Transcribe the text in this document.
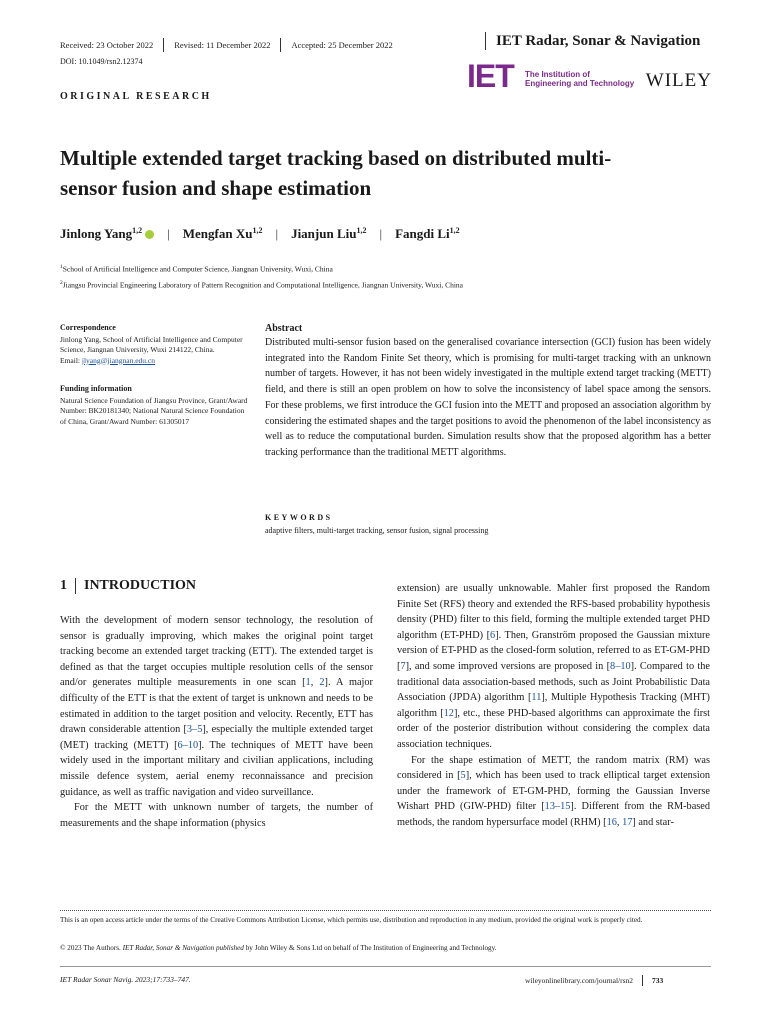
Received: 23 October 2022	Revised: 11 December 2022	Accepted: 25 December 2022	IET Radar, Sonar & Navigation
DOI: 10.1049/rsn2.12374	IET The Institution of
Engineering and Technology WILEY
ORIGINAL RESEARCH
Multiple extended target tracking based on distributed multi-sensor fusion and shape estimation
Jinlong Yang$^{1,2}$	|	Mengfan Xu$^{1,2}$	|	Jianjun Liu$^{1,2}$	|	Fangdi Li$^{1,2}$
$^1$School of Artificial Intelligence and Computer Science, Jiangnan University, Wuxi, China
$^2$Jiangsu Provincial Engineering Laboratory of Pattern Recognition and Computational Intelligence, Jiangnan University, Wuxi, China
Correspondence
Jinlong Yang, School of Artificial Intelligence and Computer Science, Jiangnan University, Wuxi 214122, China.
Email: jlyang@jiangnan.edu.cn
Funding information
Natural Science Foundation of Jiangsu Province, Grant/Award Number: BK20181340; National Natural Science Foundation of China, Grant/Award Number: 61305017
Abstract
Distributed multi-sensor fusion based on the generalised covariance intersection (GCI) fusion has been widely integrated into the Random Finite Set theory, which is promising for multi-target tracking with an unknown number of targets. However, it has not been widely investigated in the multiple extend target tracking (METT) field, and there is still an open problem on how to solve the inconsistency of label space among the sensors. For these problems, we first introduce the GCI fusion into the METT and proposed an association algorithm by considering the estimated shapes and the target positions to avoid the phenomenon of the label inconsistency as well as to reduce the computational burden. Simulation results show that the proposed algorithm has a better tracking performance than the traditional METT algorithms.
KEYWORDS
adaptive filters, multi-target tracking, sensor fusion, signal processing
1	INTRODUCTION

With the development of modern sensor technology, the resolution of sensor is gradually improving, which makes the original point target tracking become an extended target tracking (ETT). The extended target is defined as that the target occupies multiple resolution cells of the sensor and/or generates multiple measurements in one scan [1, 2]. A major difficulty of the ETT is that the extent of target is unknown and needs to be estimated in addition to the target position and velocity. Recently, ETT has drawn considerable attention [3–5], especially the multiple extended target (MET) tracking (METT) [6–10]. The techniques of METT have been widely used in the important military and civilian applications, including missile defence system, aerial enemy reconnaissance and precision guidance, as well as traffic navigation and video surveillance.

For the METT with unknown number of targets, the number of measurements and the shape information (physics

extension) are usually unknowable. Mahler first proposed the Random Finite Set (RFS) theory and extended the RFS-based probability hypothesis density (PHD) filter to this field, forming the multiple extended target PHD algorithm (ET-PHD) [6]. Then, Granström proposed the Gaussian mixture version of ET-PHD as the closed-form solution, referred to as ET-GM-PHD [7], and some improved versions are proposed in [8–10]. Compared to the traditional data association-based methods, such as Joint Probabilistic Data Association (JPDA) algorithm [11], Multiple Hypothesis Tracking (MHT) algorithm [12], etc., these PHD-based algorithms can approximate the first order of the posterior distribution without considering the complex data association techniques.

For the shape estimation of METT, the random matrix (RM) was considered in [5], which has been used to track elliptical target extension under the framework of ET-GM-PHD, forming the Gaussian Inverse Wishart PHD (GIW-PHD) filter [13–15]. Different from the RM-based methods, the random hypersurface model (RHM) [16, 17] and star-

This is an open access article under the terms of the Creative Commons Attribution License, which permits use, distribution and reproduction in any medium, provided the original work is properly cited.
© 2023 The Authors. IET Radar, Sonar & Navigation published by John Wiley & Sons Ltd on behalf of The Institution of Engineering and Technology.
IET Radar Sonar Navig. 2023;17:733–747.	wileyonlinelibrary.com/journal/rsn2	733
